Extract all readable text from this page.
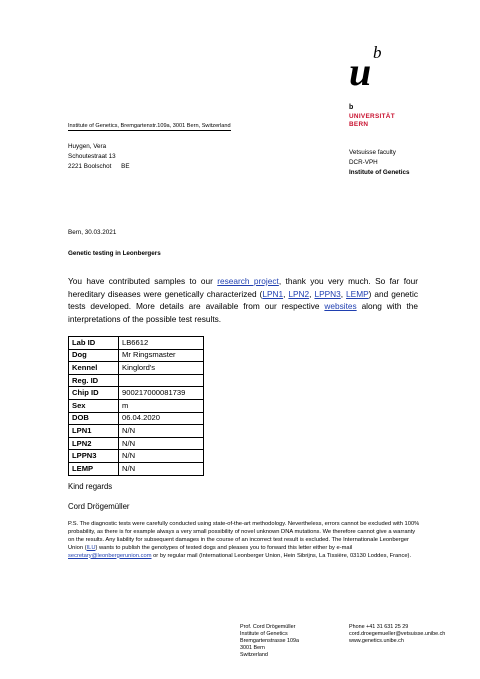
u b
b
UNIVERSITÄT
BERN
Institute of Genetics, Bremgartenstr.109a, 3001 Bern, Switzerland
Huygen, Vera
Schoutestraat 13
2221 Boolschot BE
Vetsuisse faculty
DCR-VPH
Institute of Genetics
Bern, 30.03.2021
Genetic testing in Leonbergers
You have contributed samples to our research project, thank you very much. So far four hereditary diseases were genetically characterized (LPN1, LPN2, LPPN3, LEMP) and genetic tests developed. More details are available from our respective websites along with the interpretations of the possible test results.
Lab ID	LB6612
Dog	Mr Ringsmaster
Kennel	Kinglord's
Reg. ID	
Chip ID	900217000081739
Sex	m
DOB	06.04.2020
LPN1	N/N
LPN2	N/N
LPPN3	N/N
LEMP	N/N
Kind regards
Cord Drögemüller
P.S. The diagnostic tests were carefully conducted using state-of-the-art methodology. Nevertheless, errors cannot be excluded with 100% probability, as there is for example always a very small possibility of novel unknown DNA mutations. We therefore cannot give a warranty on the results. Any liability for subsequent damages in the course of an incorrect test result is excluded. The Internationale Leonberger Union (ILU) wants to publish the genotypes of tested dogs and pleases you to forward this letter either by e-mail secretary@leonbergerunion.com or by regular mail (International Leonberger Union, Hein Sibrijns, La Tissière, 03130 Loddes, France).
Prof. Cord Drögemüller
Institute of Genetics
Bremgartenstrasse 109a
3001 Bern
Switzerland
Phone +41 31 631 25 29
cord.droegemueller@vetsuisse.unibe.ch
www.genetics.unibe.ch
